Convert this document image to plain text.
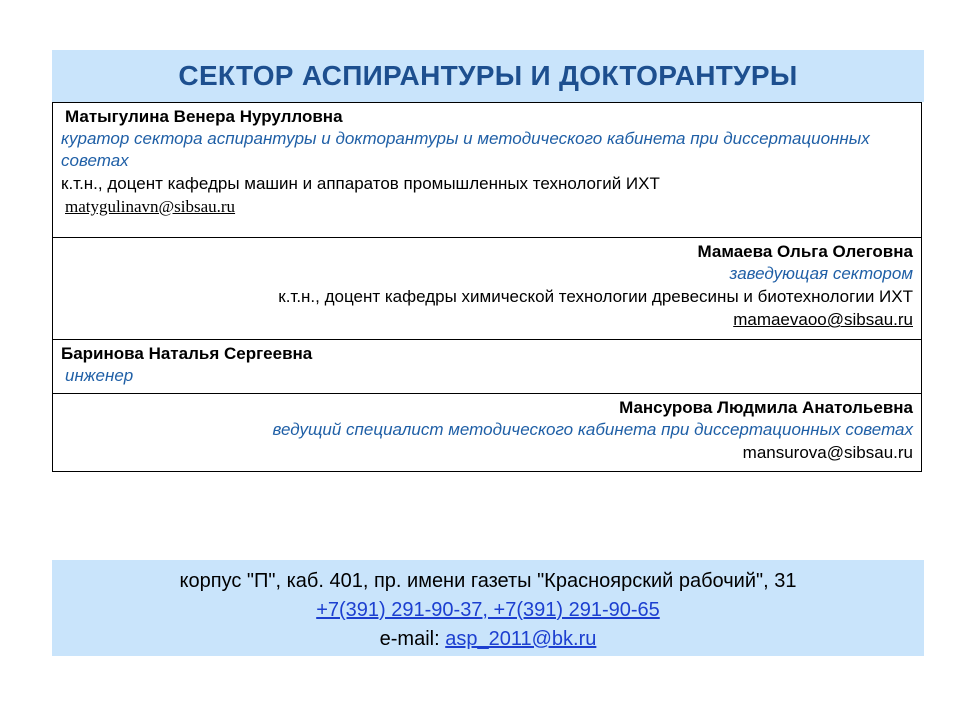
СЕКТОР АСПИРАНТУРЫ И ДОКТОРАНТУРЫ
Матыгулина Венера Нурулловна
куратор сектора аспирантуры и докторантуры и методического кабинета при диссертационных советах
к.т.н., доцент кафедры машин и аппаратов промышленных технологий ИХТ
matygulinavn@sibsau.ru
Мамаева Ольга Олеговна
заведующая сектором
к.т.н., доцент кафедры химической технологии древесины и биотехнологии ИХТ
mamaevaoo@sibsau.ru
Баринова Наталья Сергеевна
инженер
Мансурова Людмила Анатольевна
ведущий специалист методического кабинета при диссертационных советах
mansurova@sibsau.ru
корпус "П", каб. 401, пр. имени газеты "Красноярский рабочий", 31
+7(391) 291-90-37, +7(391) 291-90-65
e-mail: asp_2011@bk.ru
